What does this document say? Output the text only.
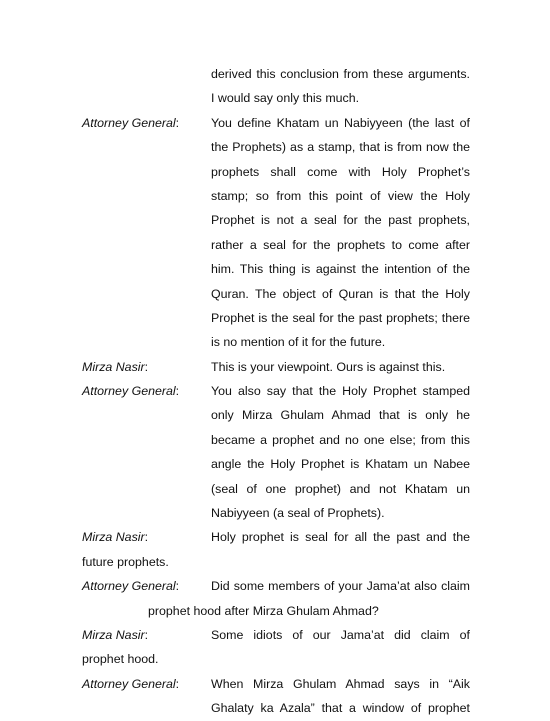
derived this conclusion from these arguments.
I would say only this much.
Attorney General:	You define Khatam un Nabiyyeen (the last of
the Prophets) as a stamp, that is from now the
prophets shall come with Holy Prophet’s
stamp; so from this point of view the Holy
Prophet is not a seal for the past prophets,
rather a seal for the prophets to come after
him. This thing is against the intention of the
Quran. The object of Quran is that the Holy
Prophet is the seal for the past prophets; there
is no mention of it for the future.
Mirza Nasir:	This is your viewpoint. Ours is against this.
Attorney General:	You also say that the Holy Prophet stamped
only Mirza Ghulam Ahmad that is only he
became a prophet and no one else; from this
angle the Holy Prophet is Khatam un Nabee
(seal of one prophet) and not Khatam un
Nabiyyeen (a seal of Prophets).
Mirza Nasir:	Holy prophet is seal for all the past and the
future prophets.
Attorney General:	Did some members of your Jama’at also claim
prophet hood after Mirza Ghulam Ahmad?
Mirza Nasir:	Some idiots of our Jama’at did claim of
prophet hood.
Attorney General:	When Mirza Ghulam Ahmad says in “Aik
Ghalaty ka Azala” that a window of prophet
